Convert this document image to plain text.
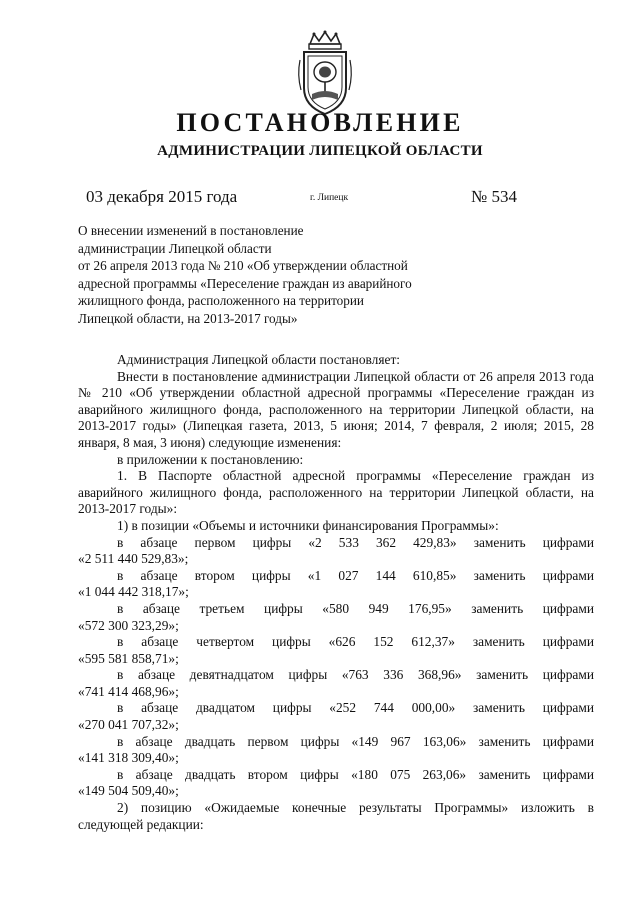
ПОСТАНОВЛЕНИЕ
АДМИНИСТРАЦИИ ЛИПЕЦКОЙ ОБЛАСТИ
03 декабря 2015 года	г. Липецк	№ 534
О внесении изменений в постановление
администрации Липецкой области
от 26 апреля 2013 года № 210 «Об утверждении областной
адресной программы «Переселение граждан из аварийного
жилищного фонда, расположенного на территории
Липецкой области, на 2013-2017 годы»

Администрация Липецкой области постановляет:

Внести в постановление администрации Липецкой области от 26 апреля 2013 года № 210 «Об утверждении областной адресной программы «Переселение граждан из аварийного жилищного фонда, расположенного на территории Липецкой области, на 2013-2017 годы» (Липецкая газета, 2013, 5 июня; 2014, 7 февраля, 2 июля; 2015, 28 января, 8 мая, 3 июня) следующие изменения:

в приложении к постановлению:

1. В Паспорте областной адресной программы «Переселение граждан из аварийного жилищного фонда, расположенного на территории Липецкой области, на 2013-2017 годы»:

1) в позиции «Объемы и источники финансирования Программы»:

в абзаце первом цифры «2 533 362 429,83» заменить цифрами

«2 511 440 529,83»;

в абзаце втором цифры «1 027 144 610,85» заменить цифрами

«1 044 442 318,17»;

в абзаце третьем цифры «580 949 176,95» заменить цифрами

«572 300 323,29»;

в абзаце четвертом цифры «626 152 612,37» заменить цифрами

«595 581 858,71»;

в абзаце девятнадцатом цифры «763 336 368,96» заменить цифрами

«741 414 468,96»;

в абзаце двадцатом цифры «252 744 000,00» заменить цифрами

«270 041 707,32»;

в абзаце двадцать первом цифры «149 967 163,06» заменить цифрами

«141 318 309,40»;

в абзаце двадцать втором цифры «180 075 263,06» заменить цифрами

«149 504 509,40»;

2) позицию «Ожидаемые конечные результаты Программы» изложить в следующей редакции:
